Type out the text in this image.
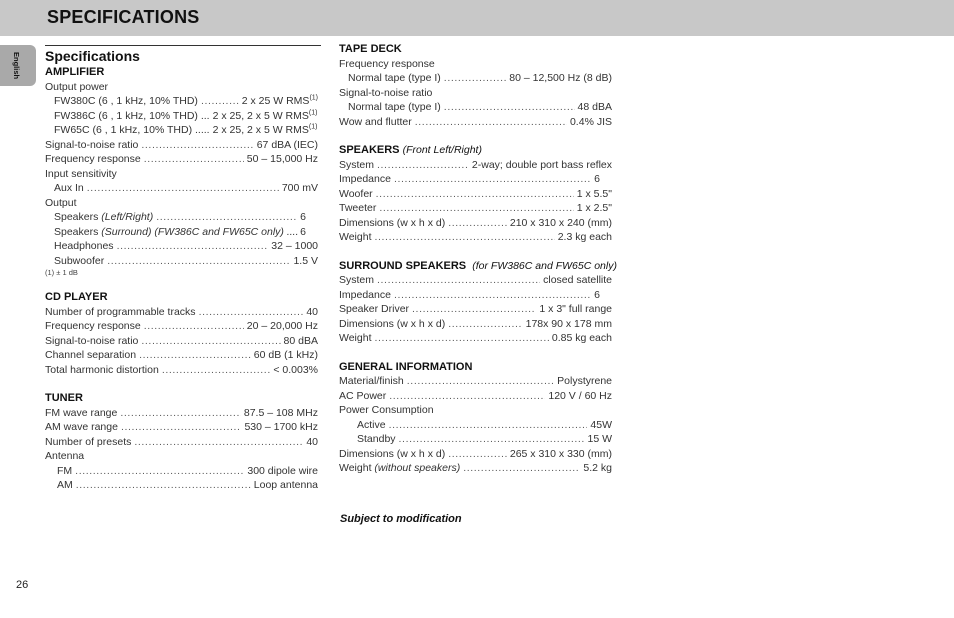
SPECIFICATIONS
English
26
Specifications
AMPLIFIER
Output power
FW380C (6 , 1 kHz, 10% THD) .....	2 x 25 W RMS$^{(1)}$
FW386C (6 , 1 kHz, 10% THD) ... 2 x 25, 2 x 5 W RMS$^{(1)}$
FW65C (6 , 1 kHz, 10% THD) ..... 2 x 25, 2 x 5 W RMS$^{(1)}$
Signal-to-noise ratio .....	67 dBA (IEC)
Frequency response .....	50 – 15,000 Hz
Input sensitivity
Aux In .....	700 mV
Output
Speakers (Left/Right) .....	6
Speakers (Surround) (FW386C and FW65C only) .... 6
Headphones .....	32 – 1000
Subwoofer .....	1.5 V
(1) ± 1 dB
CD PLAYER
Number of programmable tracks .....	40
Frequency response .....	20 – 20,000 Hz
Signal-to-noise ratio .....	80 dBA
Channel separation .....	60 dB (1 kHz)
Total harmonic distortion .....	< 0.003%
TUNER
FM wave range .....	87.5 – 108 MHz
AM wave range .....	530 – 1700 kHz
Number of presets .....	40
Antenna
FM .....	300 dipole wire
AM .....	Loop antenna
TAPE DECK
Frequency response
Normal tape (type I) .....	80 – 12,500 Hz (8 dB)
Signal-to-noise ratio
Normal tape (type I) .....	48 dBA
Wow and flutter .....	0.4% JIS
SPEAKERS (Front Left/Right)
System .....	2-way; double port bass reflex
Impedance .....	6
Woofer .....	1 x 5.5"
Tweeter .....	1 x 2.5"
Dimensions (w x h x d) .....	210 x 310 x 240 (mm)
Weight .....	2.3 kg each
SURROUND SPEAKERS (for FW386C and FW65C only)
System .....	closed satellite
Impedance .....	6
Speaker Driver .....	1 x 3" full range
Dimensions (w x h x d) .....	178x 90 x 178 mm
Weight .....	0.85 kg each
GENERAL INFORMATION
Material/finish .....	Polystyrene
AC Power .....	120 V / 60 Hz
Power Consumption
Active .....	45W
Standby .....	15 W
Dimensions (w x h x d) .....	265 x 310 x 330 (mm)
Weight (without speakers) .....	5.2 kg
Subject to modification
